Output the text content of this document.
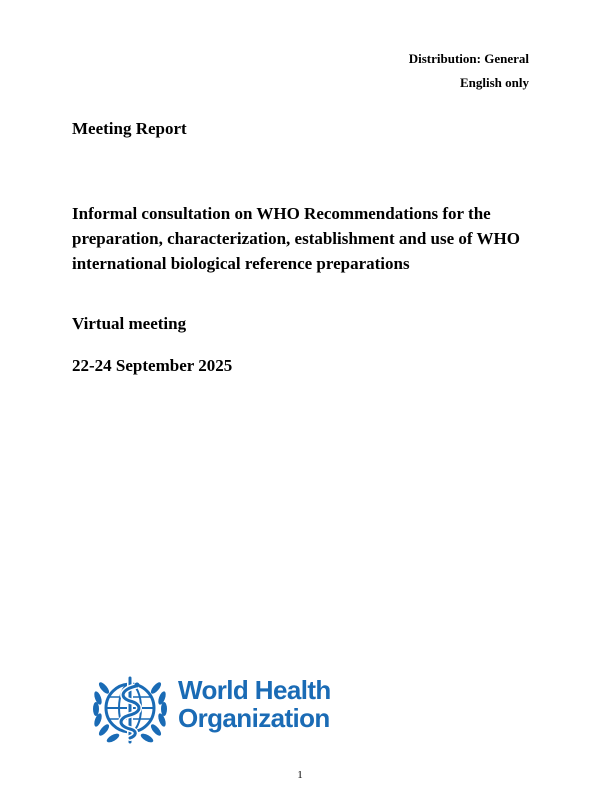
Distribution: General
English only
Meeting Report
Informal consultation on WHO Recommendations for the preparation, characterization, establishment and use of WHO international biological reference preparations
Virtual meeting
22-24 September 2025
World Health
Organization
1
